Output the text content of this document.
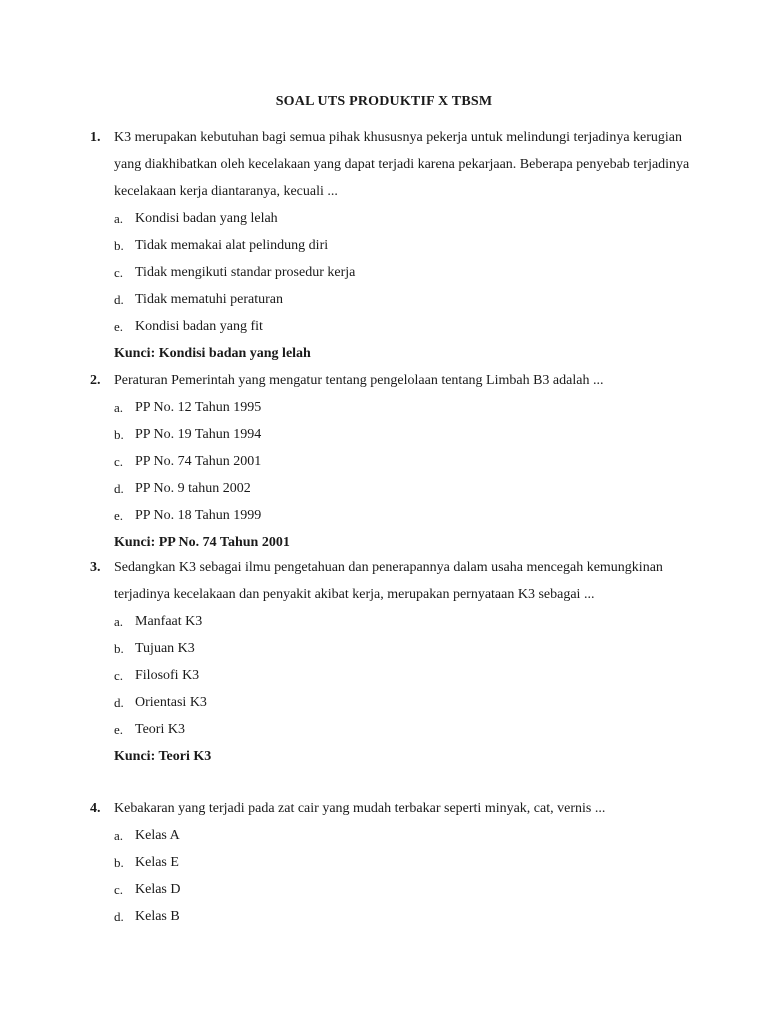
SOAL UTS PRODUKTIF X TBSM
1. K3 merupakan kebutuhan bagi semua pihak khususnya pekerja untuk melindungi terjadinya kerugian yang diakhibatkan oleh kecelakaan yang dapat terjadi karena pekarjaan. Beberapa penyebab terjadinya kecelakaan kerja diantaranya, kecuali ...
a. Kondisi badan yang lelah
b. Tidak memakai alat pelindung diri
c. Tidak mengikuti standar prosedur kerja
d. Tidak mematuhi peraturan
e. Kondisi badan yang fit
Kunci: Kondisi badan yang lelah
2. Peraturan Pemerintah yang mengatur tentang pengelolaan tentang Limbah B3 adalah ...
a. PP No. 12 Tahun 1995
b. PP No. 19 Tahun 1994
c. PP No. 74 Tahun 2001
d. PP No. 9 tahun 2002
e. PP No. 18 Tahun 1999
Kunci: PP No. 74 Tahun 2001
3. Sedangkan K3 sebagai ilmu pengetahuan dan penerapannya dalam usaha mencegah kemungkinan terjadinya kecelakaan dan penyakit akibat kerja, merupakan pernyataan K3 sebagai ...
a. Manfaat K3
b. Tujuan K3
c. Filosofi K3
d. Orientasi K3
e. Teori K3
Kunci: Teori K3
4. Kebakaran yang terjadi pada zat cair yang mudah terbakar seperti minyak, cat, vernis ...
a. Kelas A
b. Kelas E
c. Kelas D
d. Kelas B
